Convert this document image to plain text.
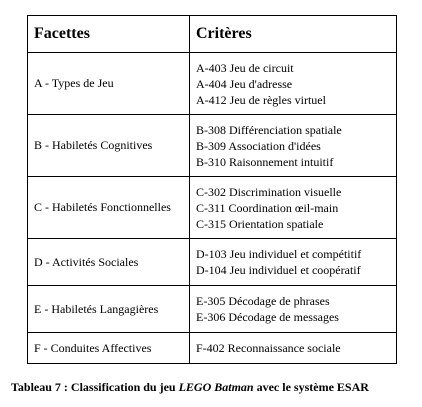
Facettes	Critères
A - Types de Jeu	A-403 Jeu de circuit
A-404 Jeu d'adresse
A-412 Jeu de règles virtuel

B - Habiletés Cognitives	B-308 Différenciation spatiale
B-309 Association d'idées
B-310 Raisonnement intuitif

C - Habiletés Fonctionnelles	C-302 Discrimination visuelle
C-311 Coordination œil-main
C-315 Orientation spatiale

D - Activités Sociales	D-103 Jeu individuel et compétitif
D-104 Jeu individuel et coopératif

E - Habiletés Langagières	E-305 Décodage de phrases
E-306 Décodage de messages

F - Conduites Affectives	F-402 Reconnaissance sociale
Tableau 7 : Classification du jeu LEGO Batman avec le système ESAR
